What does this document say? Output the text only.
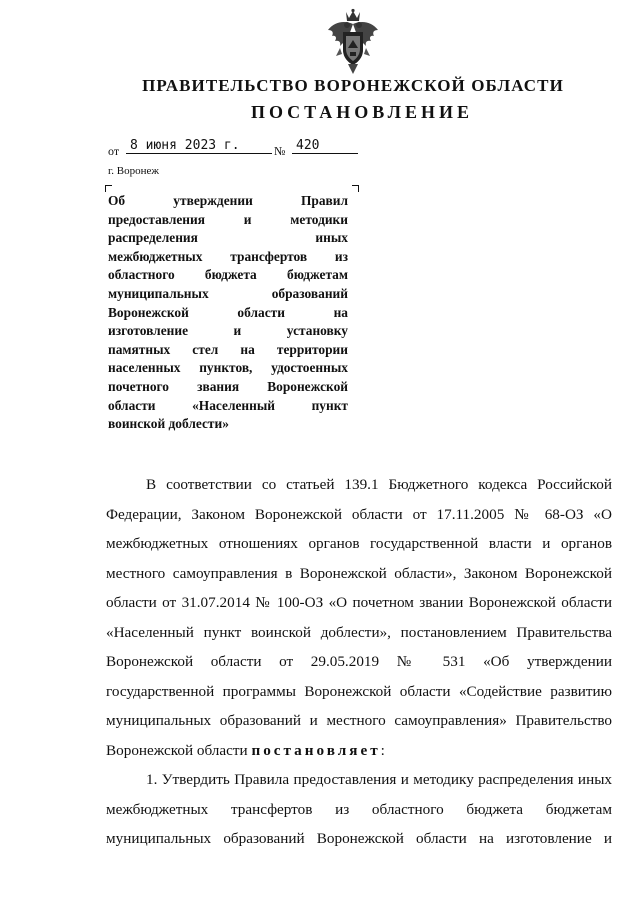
ПРАВИТЕЛЬСТВО ВОРОНЕЖСКОЙ ОБЛАСТИ
ПОСТАНОВЛЕНИЕ
от 8 июня 2023 г.	№ 420
г. Воронеж
Об утверждении Правил
предоставления и методики
распределения иных
межбюджетных трансфертов из
областного бюджета бюджетам
муниципальных образований
Воронежской области на
изготовление и установку
памятных стел на территории
населенных пунктов, удостоенных
почетного звания Воронежской
области «Населенный пункт
воинской доблести»
В соответствии со статьей 139.1 Бюджетного кодекса Российской
Федерации, Законом Воронежской области от 17.11.2005 № 68-ОЗ «О
межбюджетных отношениях органов государственной власти и органов
местного самоуправления в Воронежской области», Законом Воронежской
области от 31.07.2014 № 100-ОЗ «О почетном звании Воронежской области
«Населенный пункт воинской доблести», постановлением Правительства
Воронежской области от 29.05.2019 № 531 «Об утверждении
государственной программы Воронежской области «Содействие развитию
муниципальных образований и местного самоуправления» Правительство
Воронежской области постановляет:
1. Утвердить Правила предоставления и методику распределения иных
межбюджетных трансфертов из областного бюджета бюджетам
муниципальных образований Воронежской области на изготовление и
